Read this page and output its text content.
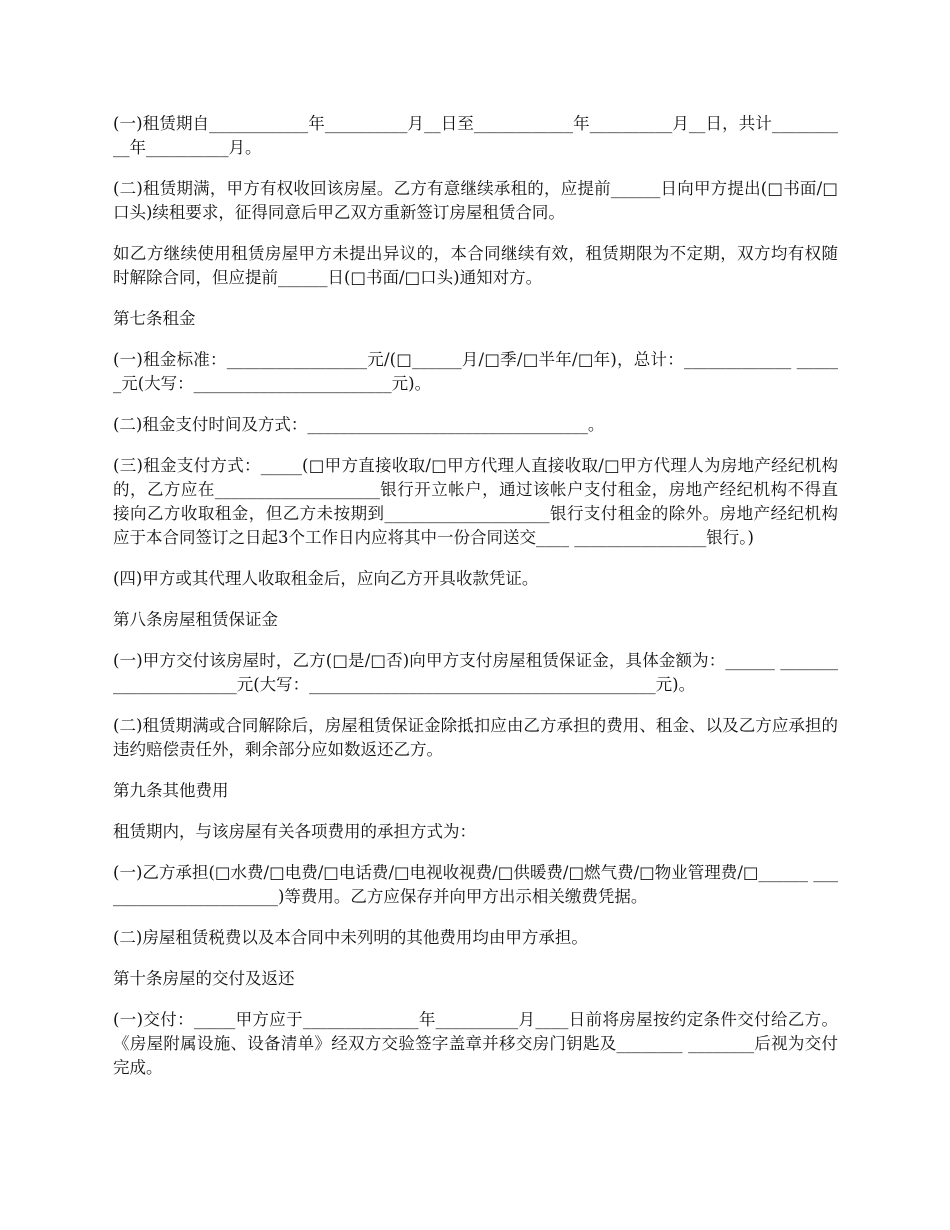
(一)租赁期自____________年__________月__日至____________年__________月__日，共计__________年__________月。

(二)租赁期满，甲方有权收回该房屋。乙方有意继续承租的，应提前______日向甲方提出(□书面/□口头)续租要求，征得同意后甲乙双方重新签订房屋租赁合同。

如乙方继续使用租赁房屋甲方未提出异议的，本合同继续有效，租赁期限为不定期，双方均有权随时解除合同，但应提前______日(□书面/□口头)通知对方。

第七条租金

(一)租金标准：_________________元/(□______月/□季/□半年/□年)，总计：_____________ ______元(大写：________________________元)。

(二)租金支付时间及方式：__________________________________。

(三)租金支付方式：_____(□甲方直接收取/□甲方代理人直接收取/□甲方代理人为房地产经纪机构的，乙方应在____________________银行开立帐户，通过该帐户支付租金，房地产经纪机构不得直接向乙方收取租金，但乙方未按期到____________________银行支付租金的除外。房地产经纪机构应于本合同签订之日起3个工作日内应将其中一份合同送交____ ________________银行。)

(四)甲方或其代理人收取租金后，应向乙方开具收款凭证。

第八条房屋租赁保证金

(一)甲方交付该房屋时，乙方(□是/□否)向甲方支付房屋租赁保证金，具体金额为：______ ______________________元(大写：__________________________________________元)。

(二)租赁期满或合同解除后，房屋租赁保证金除抵扣应由乙方承担的费用、租金、以及乙方应承担的违约赔偿责任外，剩余部分应如数返还乙方。

第九条其他费用

租赁期内，与该房屋有关各项费用的承担方式为：

(一)乙方承担(□水费/□电费/□电话费/□电视收视费/□供暖费/□燃气费/□物业管理费/□______ _______________________)等费用。乙方应保存并向甲方出示相关缴费凭据。

(二)房屋租赁税费以及本合同中未列明的其他费用均由甲方承担。

第十条房屋的交付及返还

(一)交付：_____甲方应于______________年__________月____日前将房屋按约定条件交付给乙方。《房屋附属设施、设备清单》经双方交验签字盖章并移交房门钥匙及________ ________后视为交付完成。
